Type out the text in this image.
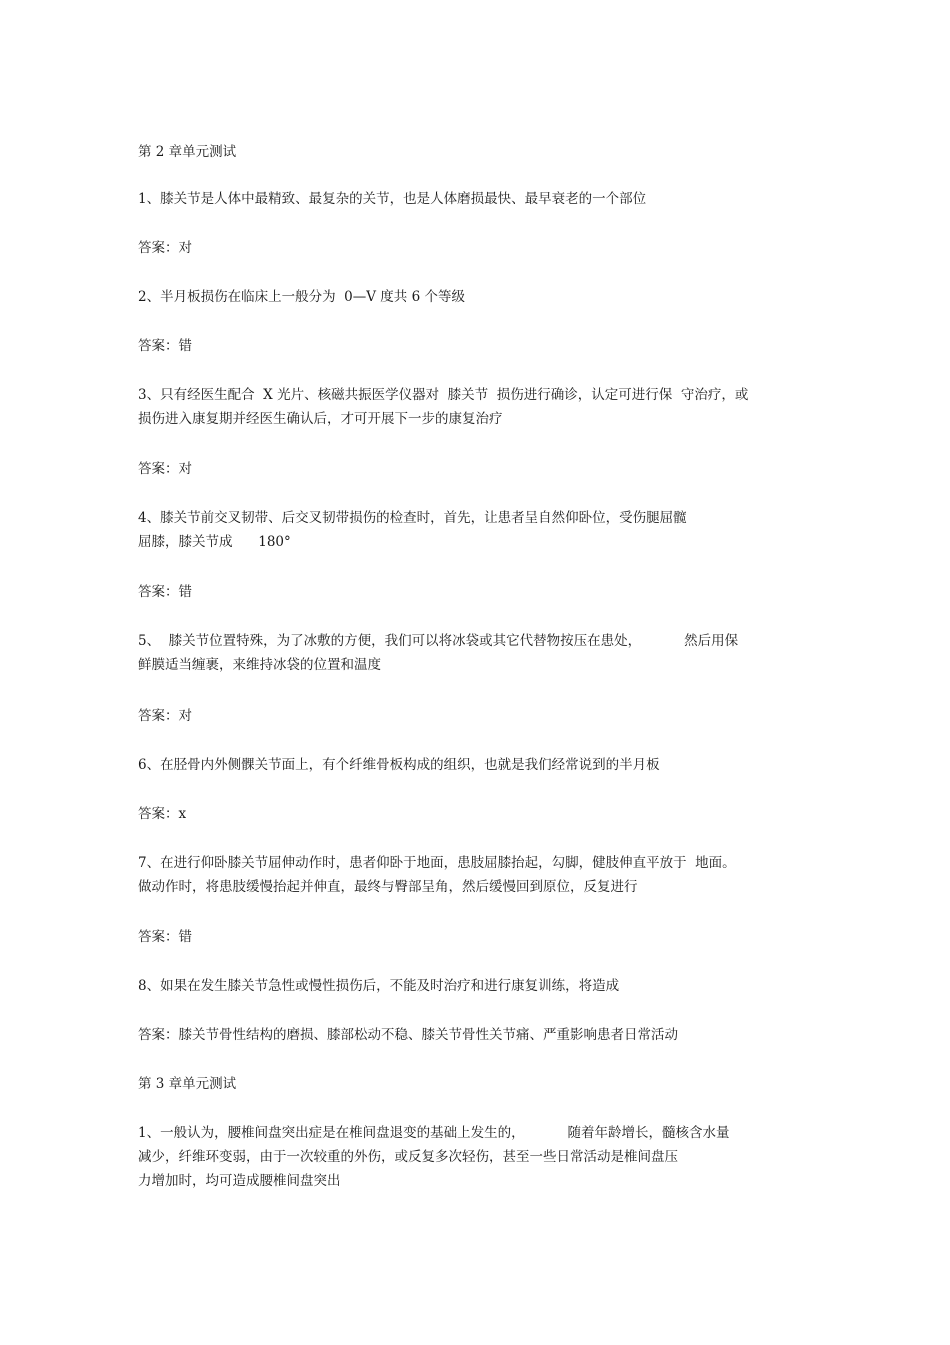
第 2 章单元测试

1、膝关节是人体中最精致、最复杂的关节，也是人体磨损最快、最早衰老的一个部位

答案：对

2、半月板损伤在临床上一般分为  0—V 度共 6 个等级

答案：错

3、只有经医生配合  X 光片、核磁共振医学仪器对  膝关节  损伤进行确诊，认定可进行保  守治疗，或
损伤进入康复期并经医生确认后，才可开展下一步的康复治疗

答案：对

4、膝关节前交叉韧带、后交叉韧带损伤的检查时，首先，让患者呈自然仰卧位，受伤腿屈髋
屈膝，膝关节成      180°

答案：错

5、  膝关节位置特殊，为了冰敷的方便，我们可以将冰袋或其它代替物按压在患处，          然后用保
鲜膜适当缠裹，来维持冰袋的位置和温度

答案：对

6、在胫骨内外侧髁关节面上，有个纤维骨板构成的组织，也就是我们经常说到的半月板

答案：x

7、在进行仰卧膝关节屈伸动作时，患者仰卧于地面，患肢屈膝抬起，勾脚，健肢伸直平放于  地面。
做动作时，将患肢缓慢抬起并伸直，最终与臀部呈角，然后缓慢回到原位，反复进行

答案：错

8、如果在发生膝关节急性或慢性损伤后，不能及时治疗和进行康复训练，将造成

答案：膝关节骨性结构的磨损、膝部松动不稳、膝关节骨性关节痛、严重影响患者日常活动

第 3 章单元测试

1、一般认为，腰椎间盘突出症是在椎间盘退变的基础上发生的，          随着年龄增长，髓核含水量
减少，纤维环变弱，由于一次较重的外伤，或反复多次轻伤，甚至一些日常活动是椎间盘压
力增加时，均可造成腰椎间盘突出
